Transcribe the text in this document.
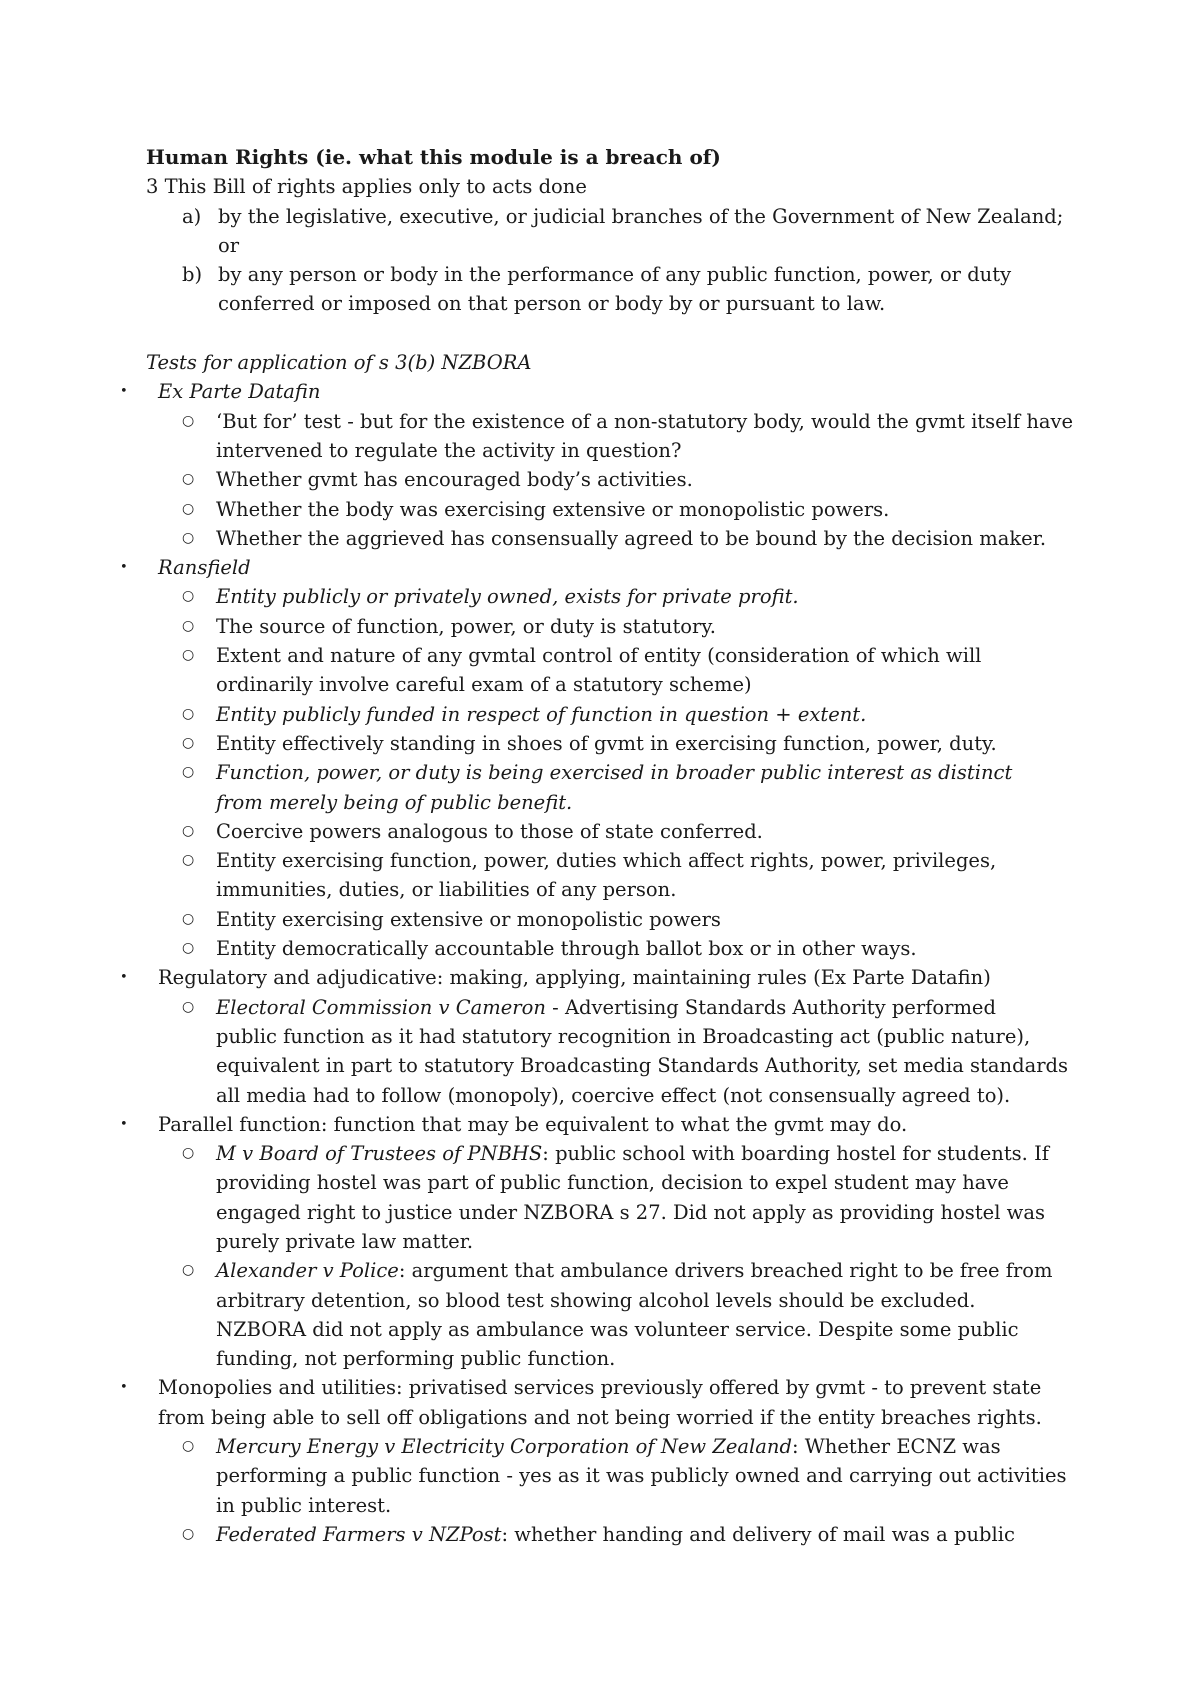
Human Rights (ie. what this module is a breach of)
3 This Bill of rights applies only to acts done
a) by the legislative, executive, or judicial branches of the Government of New Zealand;
or
b) by any person or body in the performance of any public function, power, or duty
conferred or imposed on that person or body by or pursuant to law.
Tests for application of s 3(b) NZBORA
• Ex Parte Datafin
○ ‘But for’ test - but for the existence of a non-statutory body, would the gvmt itself have
intervened to regulate the activity in question?
○ Whether gvmt has encouraged body’s activities.
○ Whether the body was exercising extensive or monopolistic powers.
○ Whether the aggrieved has consensually agreed to be bound by the decision maker.
• Ransfield
○ Entity publicly or privately owned, exists for private profit.
○ The source of function, power, or duty is statutory.
○ Extent and nature of any gvmtal control of entity (consideration of which will
ordinarily involve careful exam of a statutory scheme)
○ Entity publicly funded in respect of function in question + extent.
○ Entity effectively standing in shoes of gvmt in exercising function, power, duty.
○ Function, power, or duty is being exercised in broader public interest as distinct
from merely being of public benefit.
○ Coercive powers analogous to those of state conferred.
○ Entity exercising function, power, duties which affect rights, power, privileges,
immunities, duties, or liabilities of any person.
○ Entity exercising extensive or monopolistic powers
○ Entity democratically accountable through ballot box or in other ways.
• Regulatory and adjudicative: making, applying, maintaining rules (Ex Parte Datafin)
○ Electoral Commission v Cameron - Advertising Standards Authority performed
public function as it had statutory recognition in Broadcasting act (public nature),
equivalent in part to statutory Broadcasting Standards Authority, set media standards
all media had to follow (monopoly), coercive effect (not consensually agreed to).
• Parallel function: function that may be equivalent to what the gvmt may do.
○ M v Board of Trustees of PNBHS: public school with boarding hostel for students. If
providing hostel was part of public function, decision to expel student may have
engaged right to justice under NZBORA s 27. Did not apply as providing hostel was
purely private law matter.
○ Alexander v Police: argument that ambulance drivers breached right to be free from
arbitrary detention, so blood test showing alcohol levels should be excluded.
NZBORA did not apply as ambulance was volunteer service. Despite some public
funding, not performing public function.
• Monopolies and utilities: privatised services previously offered by gvmt - to prevent state
from being able to sell off obligations and not being worried if the entity breaches rights.
○ Mercury Energy v Electricity Corporation of New Zealand: Whether ECNZ was
performing a public function - yes as it was publicly owned and carrying out activities
in public interest.
○ Federated Farmers v NZPost: whether handing and delivery of mail was a public
